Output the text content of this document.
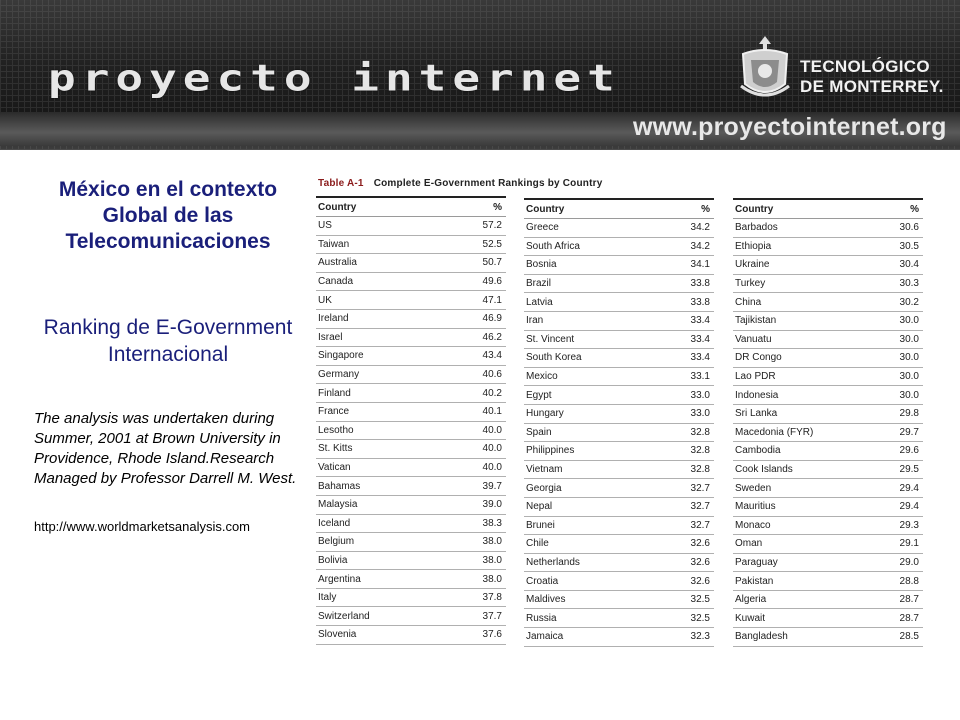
proyecto internet	TECNOLÓGICO
DE MONTERREY.
www.proyectointernet.org
México en el contexto Global de las Telecomunicaciones
Ranking de E-Government Internacional
The analysis was undertaken during Summer, 2001 at Brown University in Providence, Rhode Island.Research Managed by Professor Darrell M. West.
http://www.worldmarketsanalysis.com
Table A-1 Complete E-Government Rankings by Country
Country	%
US	57.2
Taiwan	52.5
Australia	50.7
Canada	49.6
UK	47.1
Ireland	46.9
Israel	46.2
Singapore	43.4
Germany	40.6
Finland	40.2
France	40.1
Lesotho	40.0
St. Kitts	40.0
Vatican	40.0
Bahamas	39.7
Malaysia	39.0
Iceland	38.3
Belgium	38.0
Bolivia	38.0
Argentina	38.0
Italy	37.8
Switzerland	37.7
Slovenia	37.6
Country	%
Greece	34.2
South Africa	34.2
Bosnia	34.1
Brazil	33.8
Latvia	33.8
Iran	33.4
St. Vincent	33.4
South Korea	33.4
Mexico	33.1
Egypt	33.0
Hungary	33.0
Spain	32.8
Philippines	32.8
Vietnam	32.8
Georgia	32.7
Nepal	32.7
Brunei	32.7
Chile	32.6
Netherlands	32.6
Croatia	32.6
Maldives	32.5
Russia	32.5
Jamaica	32.3
Country	%
Barbados	30.6
Ethiopia	30.5
Ukraine	30.4
Turkey	30.3
China	30.2
Tajikistan	30.0
Vanuatu	30.0
DR Congo	30.0
Lao PDR	30.0
Indonesia	30.0
Sri Lanka	29.8
Macedonia (FYR)	29.7
Cambodia	29.6
Cook Islands	29.5
Sweden	29.4
Mauritius	29.4
Monaco	29.3
Oman	29.1
Paraguay	29.0
Pakistan	28.8
Algeria	28.7
Kuwait	28.7
Bangladesh	28.5
